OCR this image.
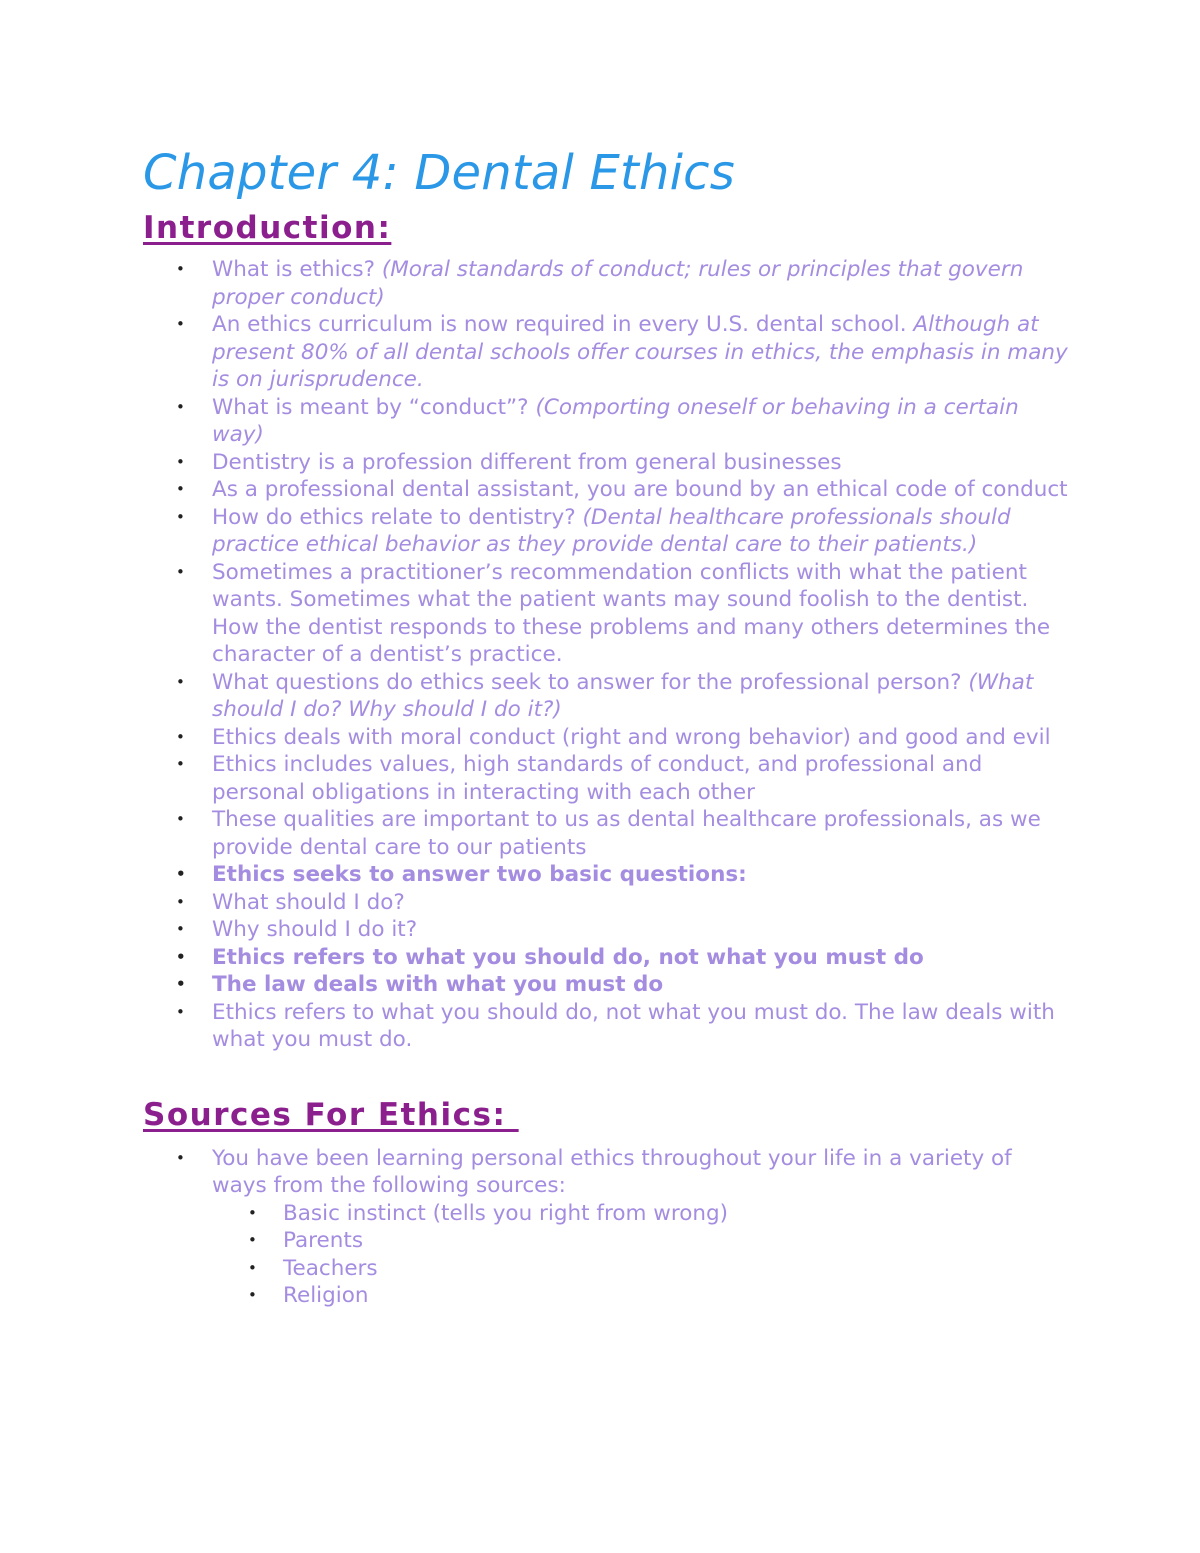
Chapter 4: Dental Ethics
Introduction:
• What is ethics? (Moral standards of conduct; rules or principles that govern proper conduct)
• An ethics curriculum is now required in every U.S. dental school. Although at present 80% of all dental schools offer courses in ethics, the emphasis in many is on jurisprudence.
• What is meant by “conduct”? (Comporting oneself or behaving in a certain way)
• Dentistry is a profession different from general businesses
• As a professional dental assistant, you are bound by an ethical code of conduct
• How do ethics relate to dentistry? (Dental healthcare professionals should practice ethical behavior as they provide dental care to their patients.)
• Sometimes a practitioner’s recommendation conflicts with what the patient wants. Sometimes what the patient wants may sound foolish to the dentist. How the dentist responds to these problems and many others determines the character of a dentist’s practice.
• What questions do ethics seek to answer for the professional person? (What should I do? Why should I do it?)
• Ethics deals with moral conduct (right and wrong behavior) and good and evil
• Ethics includes values, high standards of conduct, and professional and personal obligations in interacting with each other
• These qualities are important to us as dental healthcare professionals, as we provide dental care to our patients
• Ethics seeks to answer two basic questions:
• What should I do?
• Why should I do it?
• Ethics refers to what you should do, not what you must do
• The law deals with what you must do
• Ethics refers to what you should do, not what you must do. The law deals with what you must do.
Sources For Ethics:
• You have been learning personal ethics throughout your life in a variety of ways from the following sources:
• Basic instinct (tells you right from wrong)
• Parents
• Teachers
• Religion
